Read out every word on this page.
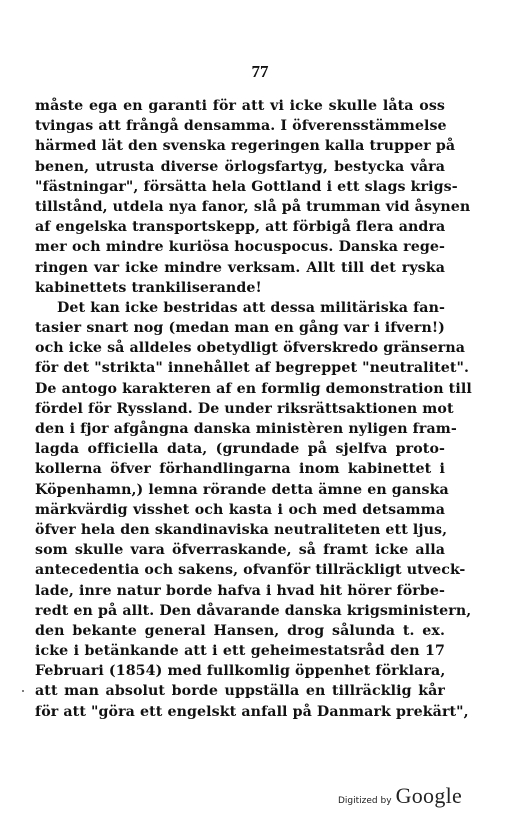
77
måste ega en garanti för att vi icke skulle låta oss
tvingas att frångå densamma. I öfverensstämmelse
härmed lät den svenska regeringen kalla trupper på
benen, utrusta diverse örlogsfartyg, bestycka våra
"fästningar", försätta hela Gottland i ett slags krigs-
tillstånd, utdela nya fanor, slå på trumman vid åsynen
af engelska transportskepp, att förbigå flera andra
mer och mindre kuriösa hocuspocus. Danska rege-
ringen var icke mindre verksam. Allt till det ryska
kabinettets trankiliserande!
Det kan icke bestridas att dessa militäriska fan-
tasier snart nog (medan man en gång var i ifvern!)
och icke så alldeles obetydligt öfverskredo gränserna
för det "strikta" innehållet af begreppet "neutralitet".
De antogo karakteren af en formlig demonstration till
fördel för Ryssland. De under riksrättsaktionen mot
den i fjor afgångna danska ministèren nyligen fram-
lagda officiella data, (grundade på sjelfva proto-
kollerna öfver förhandlingarna inom kabinettet i
Köpenhamn,) lemna rörande detta ämne en ganska
märkvärdig visshet och kasta i och med detsamma
öfver hela den skandinaviska neutraliteten ett ljus,
som skulle vara öfverraskande, så framt icke alla
antecedentia och sakens, ofvanför tillräckligt utveck-
lade, inre natur borde hafva i hvad hit hörer förbe-
redt en på allt. Den dåvarande danska krigsministern,
den bekante general Hansen, drog sålunda t. ex.
icke i betänkande att i ett geheimestatsråd den 17
Februari (1854) med fullkomlig öppenhet förklara,
att man absolut borde uppställa en tillräcklig kår
för att "göra ett engelskt anfall på Danmark prekärt",
Digitized by Google
